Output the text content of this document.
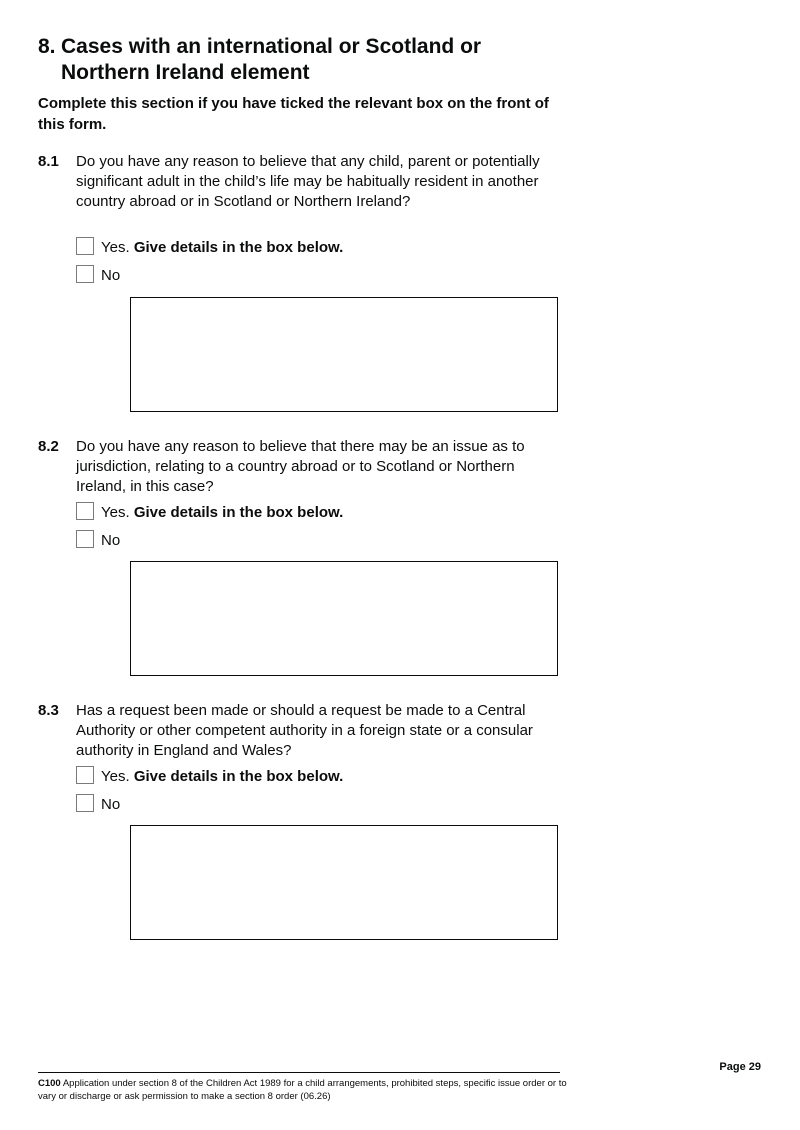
8. Cases with an international or Scotland or
Northern Ireland element

Complete this section if you have ticked the relevant box on the front of this form.

8.1 Do you have any reason to believe that any child, parent or potentially significant adult in the child’s life may be habitually resident in another country abroad or in Scotland or Northern Ireland?

Yes. Give details in the box below.
No
8.2 Do you have any reason to believe that there may be an issue as to jurisdiction, relating to a country abroad or to Scotland or Northern Ireland, in this case?

Yes. Give details in the box below.
No
8.3 Has a request been made or should a request be made to a Central Authority or other competent authority in a foreign state or a consular authority in England and Wales?

Yes. Give details in the box below.
No
Page 29

C100 Application under section 8 of the Children Act 1989 for a child arrangements, prohibited steps, specific issue order or to vary or discharge or ask permission to make a section 8 order (06.26)
